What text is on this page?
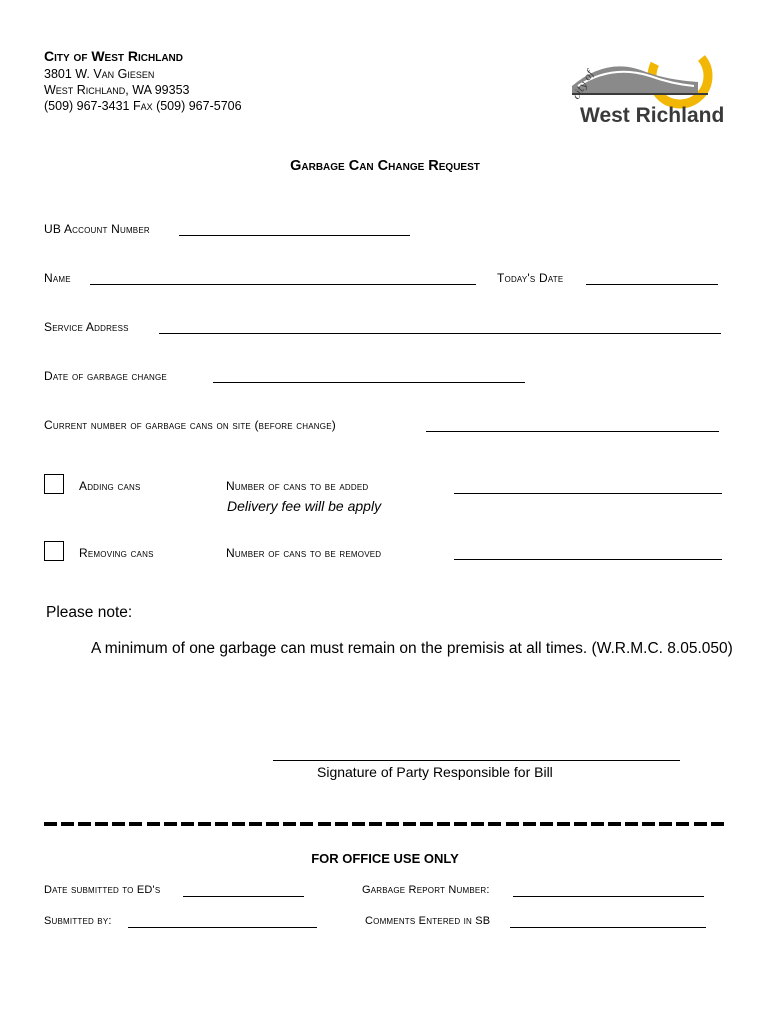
City of West Richland
3801 W. Van Giesen
West Richland, WA 99353
(509) 967-3431 Fax (509) 967-5706
city of
West Richland
Garbage Can Change Request
UB Account Number
Name	Today's Date
Service Address
Date of garbage change
Current number of garbage cans on site (before change)
Adding cans	Number of cans to be added
Delivery fee will be apply
Removing cans	Number of cans to be removed
Please note:
A minimum of one garbage can must remain on the premisis at all times. (W.R.M.C. 8.05.050)
Signature of Party Responsible for Bill
FOR OFFICE USE ONLY
Date submitted to ED's	Garbage Report Number:
Submitted by:	Comments Entered in SB
